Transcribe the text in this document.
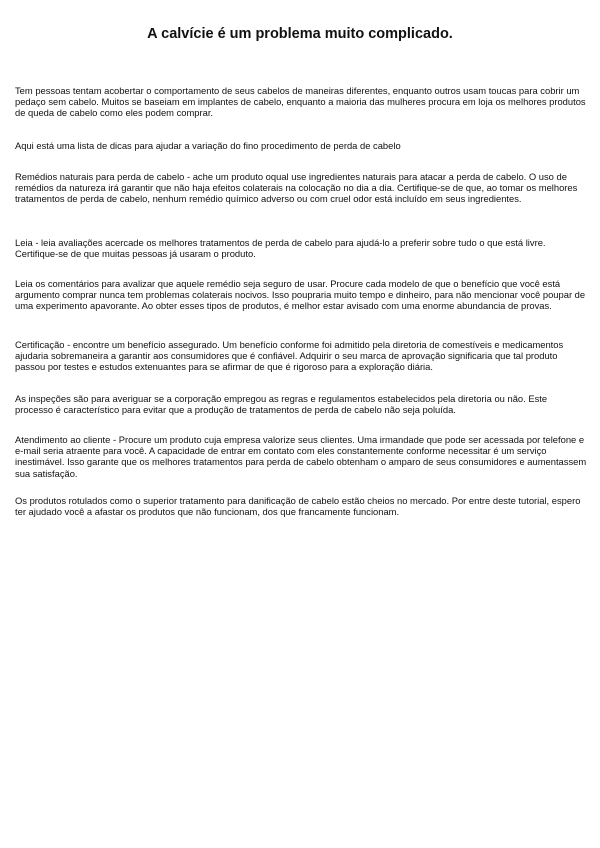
A calvície é um problema muito complicado.

Tem pessoas tentam acobertar o comportamento de seus cabelos de maneiras diferentes, enquanto outros usam toucas para cobrir um pedaço sem cabelo. Muitos se baseiam em implantes de cabelo, enquanto a maioria das mulheres procura em loja os melhores produtos de queda de cabelo como eles podem comprar.

Aqui está uma lista de dicas para ajudar a variação do fino procedimento de perda de cabelo

Remédios naturais para perda de cabelo - ache um produto oqual use ingredientes naturais para atacar a perda de cabelo. O uso de remédios da natureza irá garantir que não haja efeitos colaterais na colocação no dia a dia. Certifique-se de que, ao tomar os melhores tratamentos de perda de cabelo, nenhum remédio químico adverso ou com cruel odor está incluído em seus ingredientes.

Leia - leia avaliações acercade os melhores tratamentos de perda de cabelo para ajudá-lo a preferir sobre tudo o que está livre. Certifique-se de que muitas pessoas já usaram o produto.

Leia os comentários para avalizar que aquele remédio seja seguro de usar. Procure cada modelo de que o benefício que você está argumento comprar nunca tem problemas colaterais nocivos. Isso poupraria muito tempo e dinheiro, para não mencionar você poupar de uma experimento apavorante. Ao obter esses tipos de produtos, é melhor estar avisado com uma enorme abundancia de provas.

Certificação - encontre um benefício assegurado. Um benefício conforme foi admitido pela diretoria de comestíveis e medicamentos ajudaria sobremaneira a garantir aos consumidores que é confiável. Adquirir o seu marca de aprovação significaria que tal produto passou por testes e estudos extenuantes para se afirmar de que é rigoroso para a exploração diária.

As inspeções são para averiguar se a corporação empregou as regras e regulamentos estabelecidos pela diretoria ou não. Este processo é característico para evitar que a produção de tratamentos de perda de cabelo não seja poluída.

Atendimento ao cliente - Procure um produto cuja empresa valorize seus clientes. Uma irmandade que pode ser acessada por telefone e e-mail seria atraente para você. A capacidade de entrar em contato com eles constantemente conforme necessitar é um serviço inestimável. Isso garante que os melhores tratamentos para perda de cabelo obtenham o amparo de seus consumidores e aumentassem sua satisfação.

Os produtos rotulados como o superior tratamento para danificação de cabelo estão cheios no mercado. Por entre deste tutorial, espero ter ajudado você a afastar os produtos que não funcionam, dos que francamente funcionam.
